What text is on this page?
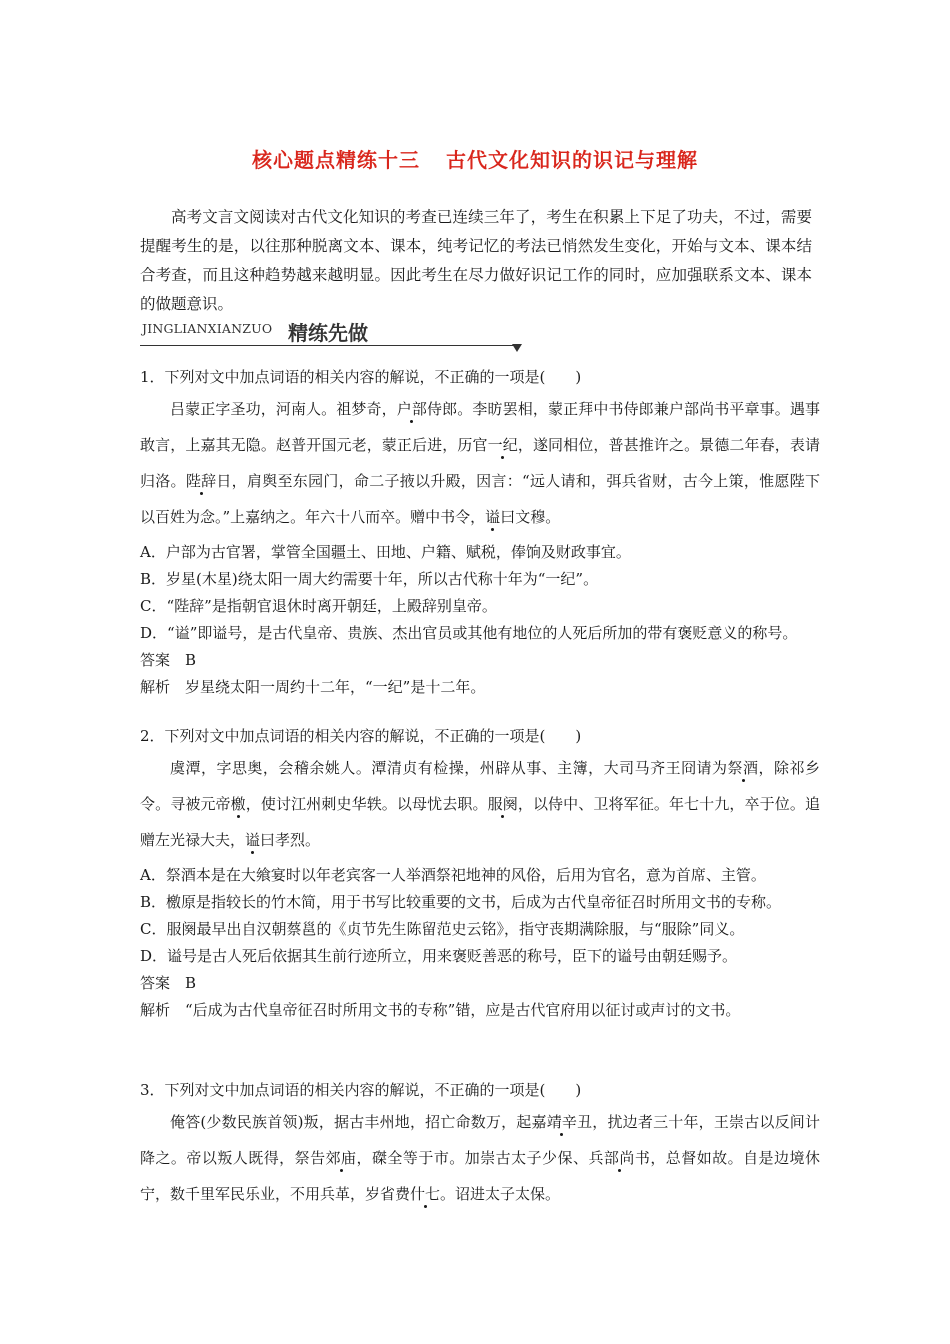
核心题点精练十三 古代文化知识的识记与理解

高考文言文阅读对古代文化知识的考查已连续三年了，考生在积累上下足了功夫，不过，需要提醒考生的是，以往那种脱离文本、课本，纯考记忆的考法已悄然发生变化，开始与文本、课本结合考查，而且这种趋势越来越明显。因此考生在尽力做好识记工作的同时，应加强联系文本、课本的做题意识。

JINGLIANXIANZUO 精练先做

1．下列对文中加点词语的相关内容的解说，不正确的一项是(　　)

吕蒙正字圣功，河南人。祖梦奇，户部侍郎。李昉罢相，蒙正拜中书侍郎兼户部尚书平章事。遇事敢言，上嘉其无隐。赵普开国元老，蒙正后进，历官一纪，遂同相位，普甚推许之。景德二年春，表请归洛。陛辞日，肩舆至东园门，命二子掖以升殿，因言：“远人请和，弭兵省财，古今上策，惟愿陛下以百姓为念。”上嘉纳之。年六十八而卒。赠中书令，谥曰文穆。

A．户部为古官署，掌管全国疆土、田地、户籍、赋税，俸饷及财政事宜。

B．岁星(木星)绕太阳一周大约需要十年，所以古代称十年为“一纪”。

C．“陛辞”是指朝官退休时离开朝廷，上殿辞别皇帝。

D．“谥”即谥号，是古代皇帝、贵族、杰出官员或其他有地位的人死后所加的带有褒贬意义的称号。

答案　B

解析　岁星绕太阳一周约十二年，“一纪”是十二年。

2．下列对文中加点词语的相关内容的解说，不正确的一项是(　　)

虞潭，字思奥，会稽余姚人。潭清贞有检操，州辟从事、主簿，大司马齐王冏请为祭酒，除祁乡令。寻被元帝檄，使讨江州刺史华轶。以母忧去职。服阕，以侍中、卫将军征。年七十九，卒于位。追赠左光禄大夫，谥曰孝烈。

A．祭酒本是在大飨宴时以年老宾客一人举酒祭祀地神的风俗，后用为官名，意为首席、主管。

B．檄原是指较长的竹木简，用于书写比较重要的文书，后成为古代皇帝征召时所用文书的专称。

C．服阕最早出自汉朝蔡邕的《贞节先生陈留范史云铭》，指守丧期满除服，与“服除”同义。

D．谥号是古人死后依据其生前行迹所立，用来褒贬善恶的称号，臣下的谥号由朝廷赐予。

答案　B

解析　“后成为古代皇帝征召时所用文书的专称”错，应是古代官府用以征讨或声讨的文书。

3．下列对文中加点词语的相关内容的解说，不正确的一项是(　　)

俺答(少数民族首领)叛，据古丰州地，招亡命数万，起嘉靖辛丑，扰边者三十年，王崇古以反间计降之。帝以叛人既得，祭告郊庙，磔全等于市。加崇古太子少保、兵部尚书，总督如故。自是边境休宁，数千里军民乐业，不用兵革，岁省费什七。诏进太子太保。
